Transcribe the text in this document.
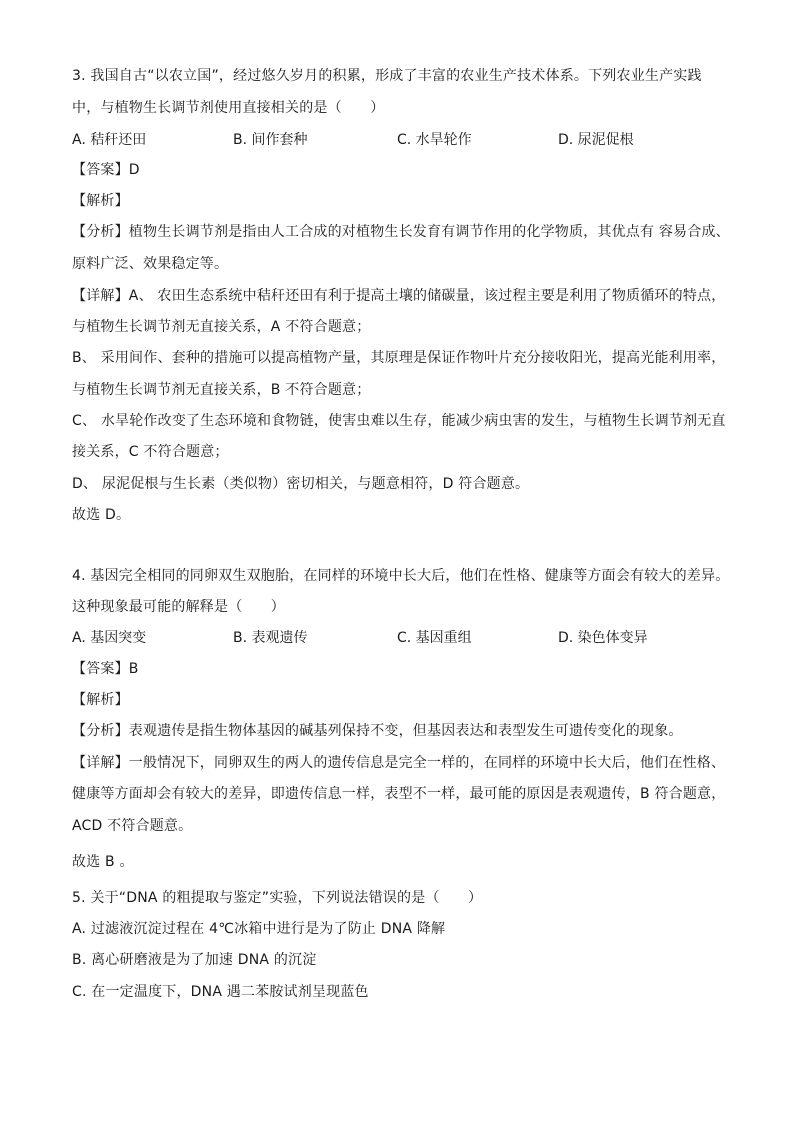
3. 我国自古“以农立国”，经过悠久岁月的积累，形成了丰富的农业生产技术体系。下列农业生产实践
中，与植物生长调节剂使用直接相关的是（　　）
A. 秸秆还田	B. 间作套种	C. 水旱轮作	D. 尿泥促根
【答案】D
【解析】
【分析】植物生长调节剂是指由人工合成的对植物生长发育有调节作用的化学物质，其优点有 容易合成、
原料广泛、效果稳定等。
【详解】A、 农田生态系统中秸秆还田有利于提高土壤的储碳量，该过程主要是利用了物质循环的特点，
与植物生长调节剂无直接关系，A 不符合题意；
B、 采用间作、套种的措施可以提高植物产量，其原理是保证作物叶片充分接收阳光，提高光能利用率，
与植物生长调节剂无直接关系，B 不符合题意；
C、 水旱轮作改变了生态环境和食物链，使害虫难以生存，能减少病虫害的发生，与植物生长调节剂无直
接关系，C 不符合题意；
D、 尿泥促根与生长素（类似物）密切相关，与题意相符，D 符合题意。
故选 D。
4. 基因完全相同的同卵双生双胞胎，在同样的环境中长大后，他们在性格、健康等方面会有较大的差异。
这种现象最可能的解释是（　　）
A. 基因突变	B. 表观遗传	C. 基因重组	D. 染色体变异
【答案】B
【解析】
【分析】表观遗传是指生物体基因的碱基列保持不变，但基因表达和表型发生可遗传变化的现象。
【详解】一般情况下，同卵双生的两人的遗传信息是完全一样的，在同样的环境中长大后，他们在性格、
健康等方面却会有较大的差异，即遗传信息一样，表型不一样，最可能的原因是表观遗传，B 符合题意，
ACD 不符合题意。
故选 B 。
5. 关于“DNA 的粗提取与鉴定”实验，下列说法错误的是（　　）
A. 过滤液沉淀过程在 4℃冰箱中进行是为了防止 DNA 降解
B. 离心研磨液是为了加速 DNA 的沉淀
C. 在一定温度下，DNA 遇二苯胺试剂呈现蓝色
